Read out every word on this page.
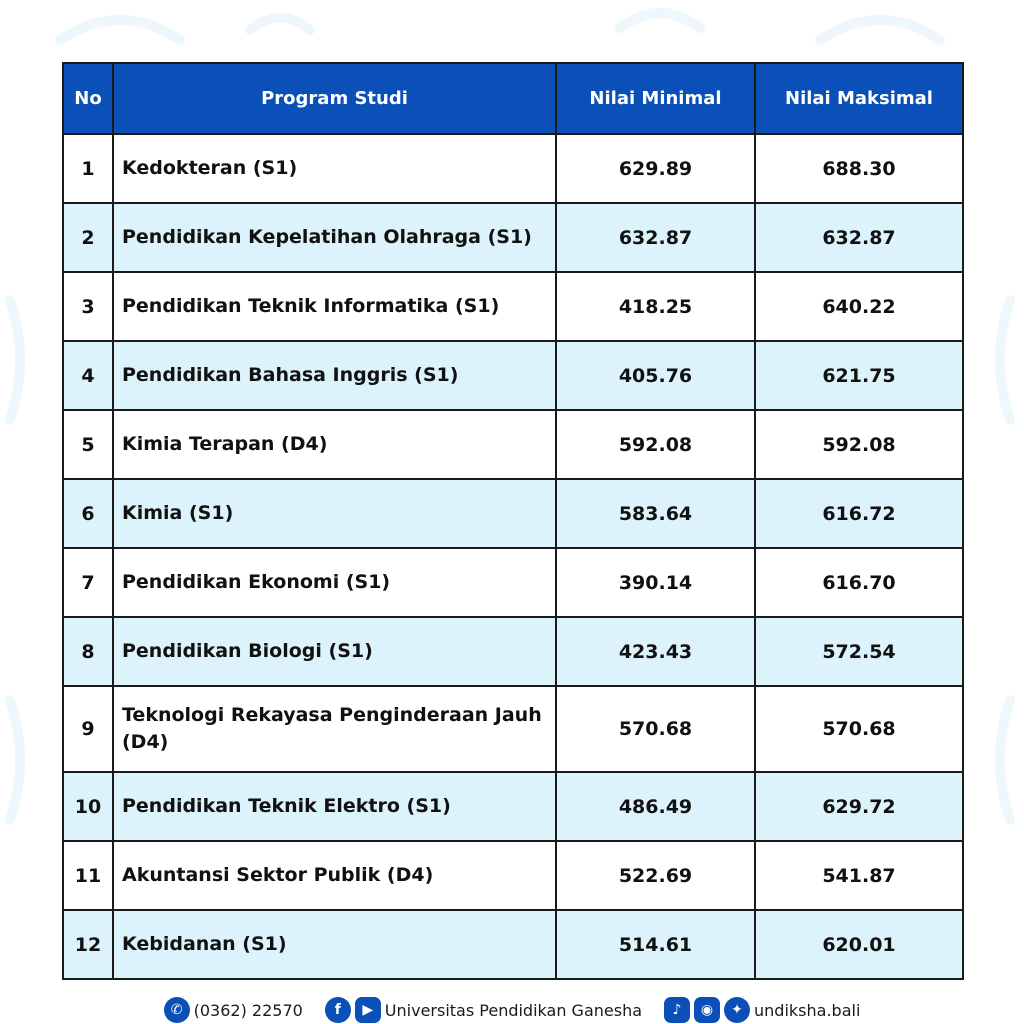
No	Program Studi	Nilai Minimal	Nilai Maksimal
1	Kedokteran (S1)	629.89	688.30
2	Pendidikan Kepelatihan Olahraga (S1)	632.87	632.87
3	Pendidikan Teknik Informatika (S1)	418.25	640.22
4	Pendidikan Bahasa Inggris (S1)	405.76	621.75
5	Kimia Terapan (D4)	592.08	592.08
6	Kimia (S1)	583.64	616.72
7	Pendidikan Ekonomi (S1)	390.14	616.70
8	Pendidikan Biologi (S1)	423.43	572.54
9	Teknologi Rekayasa Penginderaan Jauh (D4)	570.68	570.68
10	Pendidikan Teknik Elektro (S1)	486.49	629.72
11	Akuntansi Sektor Publik (D4)	522.69	541.87
12	Kebidanan (S1)	514.61	620.01
✆ (0362) 22570	f	▶ Universitas Pendidikan Ganesha	♪	◉	✦ undiksha.bali
